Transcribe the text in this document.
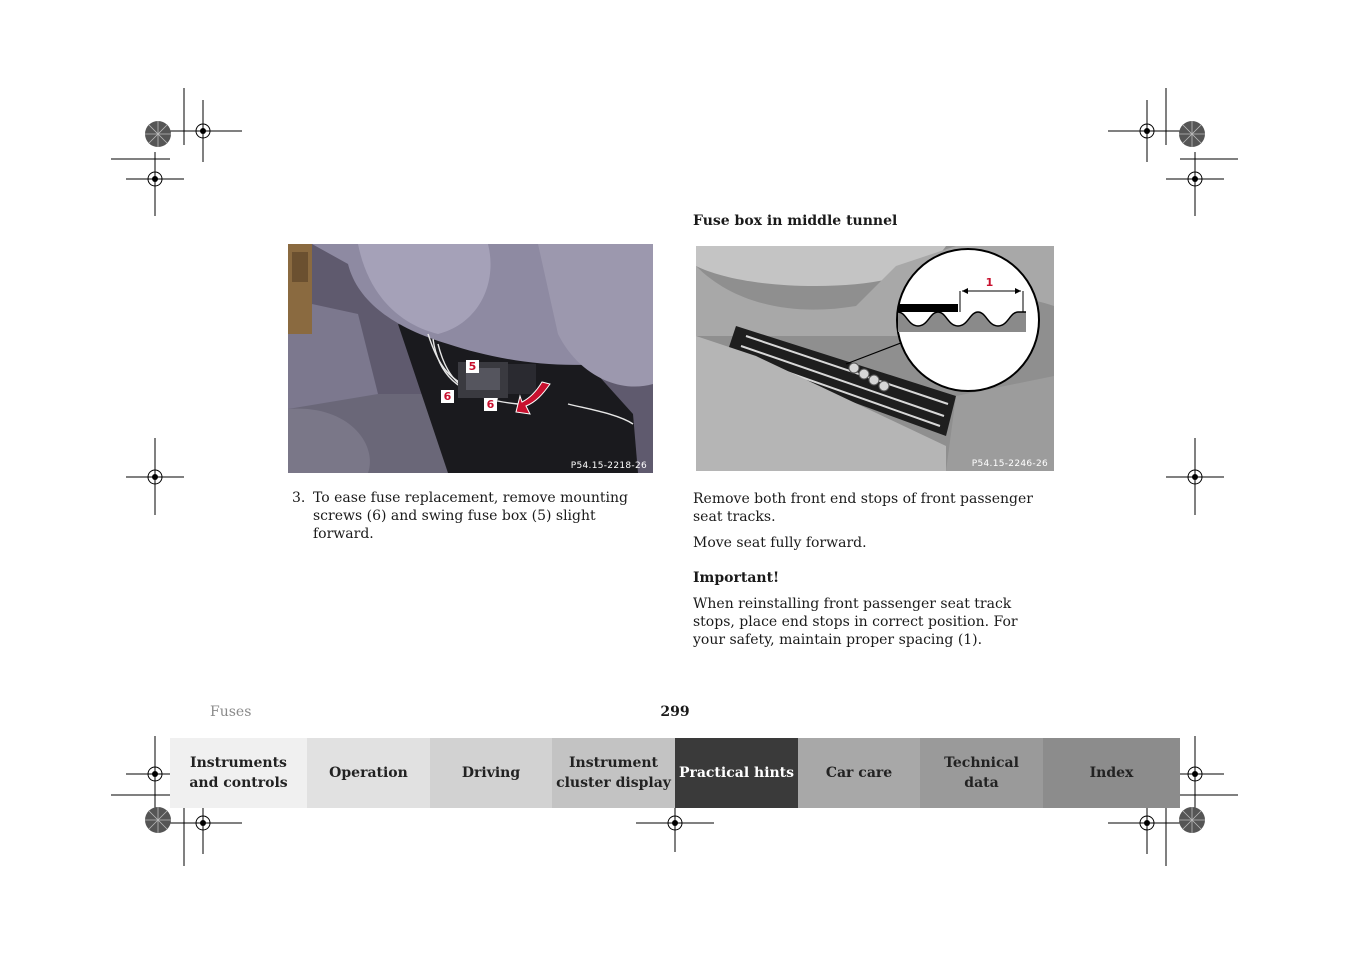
5
6
6
P54.15-2218-26
3. To ease fuse replacement, remove mounting screws (6) and swing fuse box (5) slight forward.
Fuse box in middle tunnel
1
P54.15-2246-26

Remove both front end stops of front passenger seat tracks.

Move seat fully forward.

Important!

When reinstalling front passenger seat track stops, place end stops in correct position. For your safety, maintain proper spacing (1).

Fuses	299
Instruments
and controls
Operation	Driving
Instrument
cluster display
Practical hints	Car care
Technical
data
Index
